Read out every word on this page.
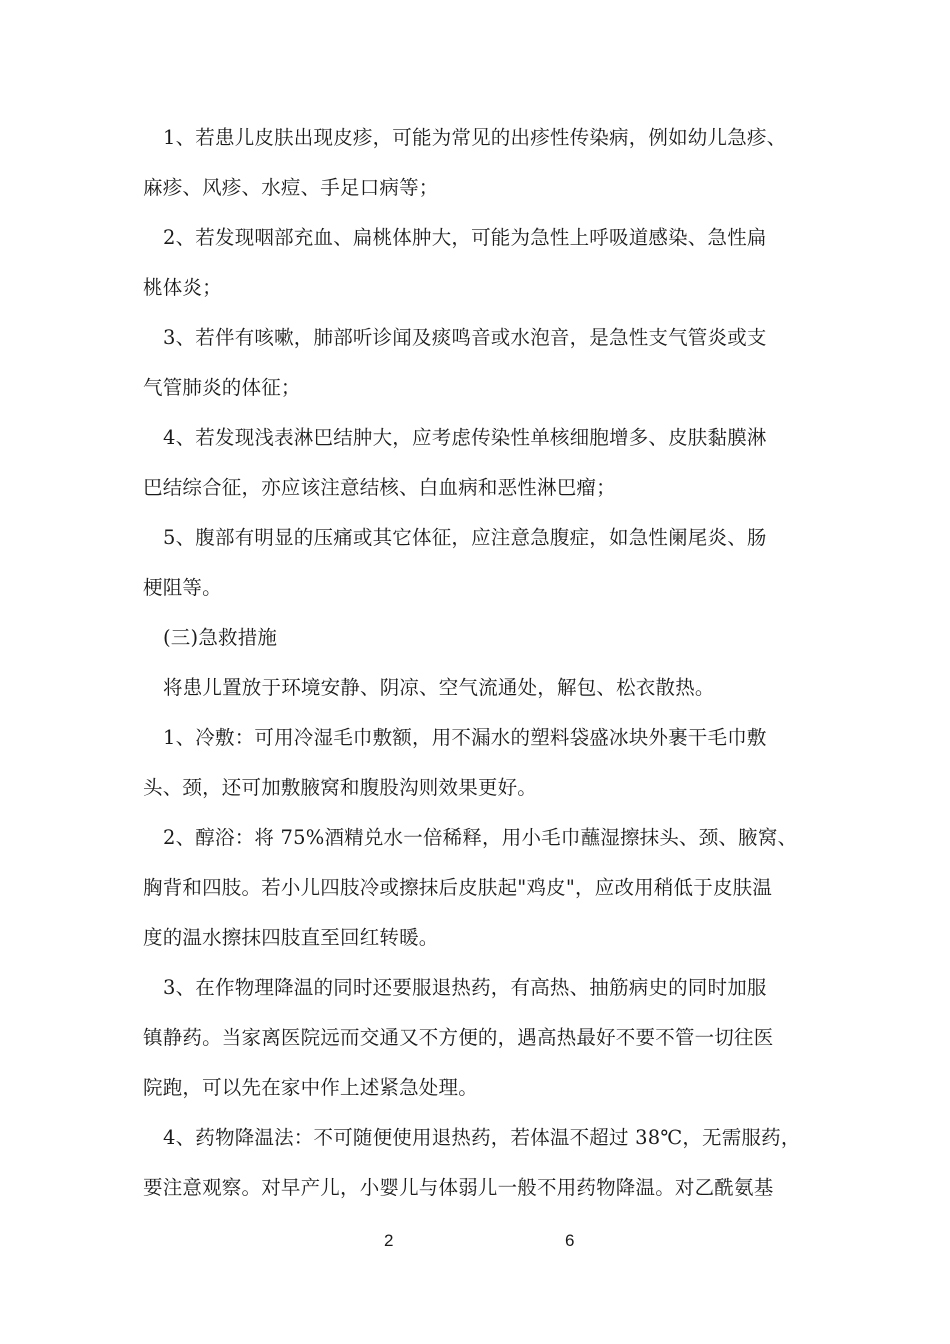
1、若患儿皮肤出现皮疹，可能为常见的出疹性传染病，例如幼儿急疹、
麻疹、风疹、水痘、手足口病等；
2、若发现咽部充血、扁桃体肿大，可能为急性上呼吸道感染、急性扁
桃体炎；
3、若伴有咳嗽，肺部听诊闻及痰鸣音或水泡音，是急性支气管炎或支
气管肺炎的体征；
4、若发现浅表淋巴结肿大，应考虑传染性单核细胞增多、皮肤黏膜淋
巴结综合征，亦应该注意结核、白血病和恶性淋巴瘤；
5、腹部有明显的压痛或其它体征，应注意急腹症，如急性阑尾炎、肠
梗阻等。
(三)急救措施
将患儿置放于环境安静、阴凉、空气流通处，解包、松衣散热。
1、冷敷：可用冷湿毛巾敷额，用不漏水的塑料袋盛冰块外裹干毛巾敷
头、颈，还可加敷腋窝和腹股沟则效果更好。
2、醇浴：将 75%酒精兑水一倍稀释，用小毛巾蘸湿擦抹头、颈、腋窝、
胸背和四肢。若小儿四肢冷或擦抹后皮肤起"鸡皮"，应改用稍低于皮肤温
度的温水擦抹四肢直至回红转暖。
3、在作物理降温的同时还要服退热药，有高热、抽筋病史的同时加服
镇静药。当家离医院远而交通又不方便的，遇高热最好不要不管一切往医
院跑，可以先在家中作上述紧急处理。
4、药物降温法：不可随便使用退热药，若体温不超过 38℃，无需服药，
要注意观察。对早产儿，小婴儿与体弱儿一般不用药物降温。对乙酰氨基
2	6
